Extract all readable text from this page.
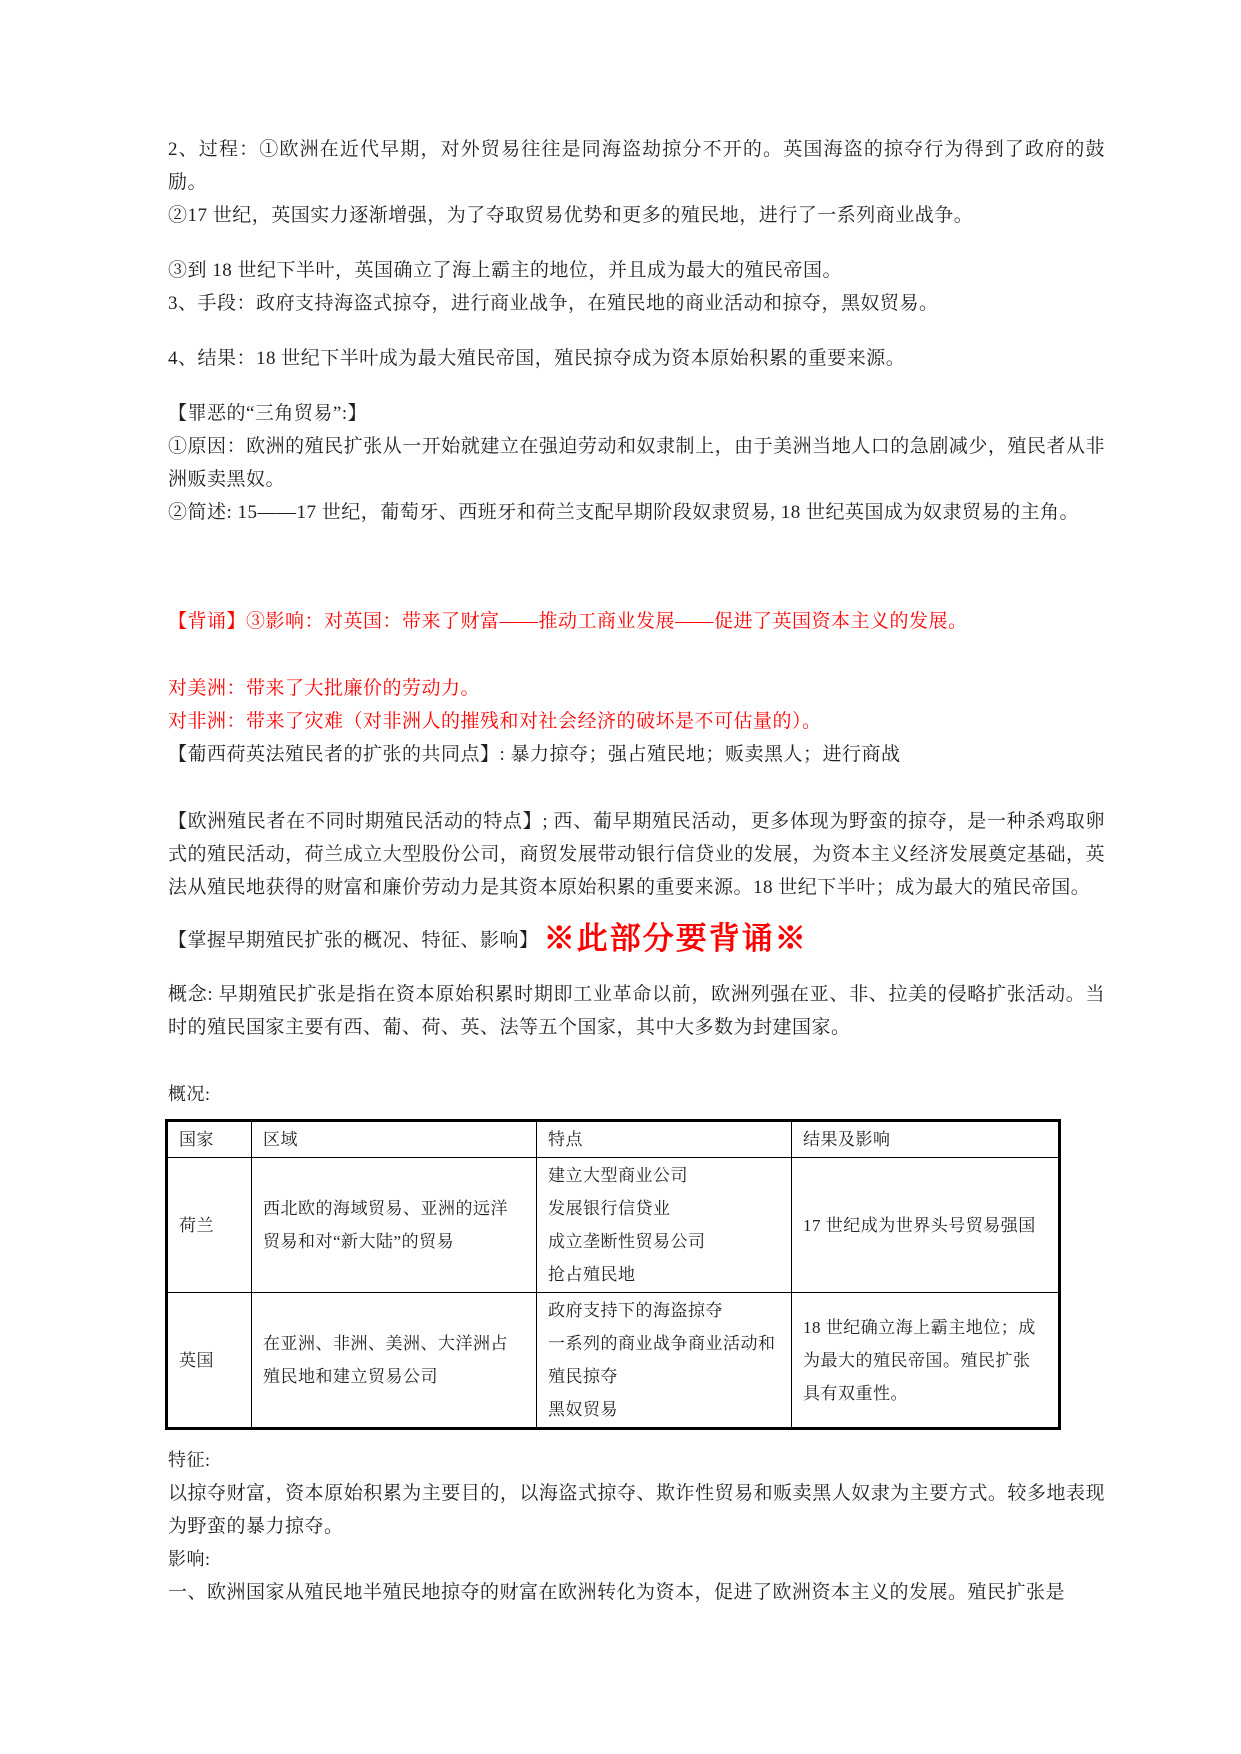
2、过程：①欧洲在近代早期，对外贸易往往是同海盗劫掠分不开的。英国海盗的掠夺行为得到了政府的鼓励。

②17 世纪，英国实力逐渐增强，为了夺取贸易优势和更多的殖民地，进行了一系列商业战争。

③到 18 世纪下半叶，英国确立了海上霸主的地位，并且成为最大的殖民帝国。

3、手段：政府支持海盗式掠夺，进行商业战争，在殖民地的商业活动和掠夺，黑奴贸易。

4、结果：18 世纪下半叶成为最大殖民帝国，殖民掠夺成为资本原始积累的重要来源。

【罪恶的“三角贸易”:】

①原因：欧洲的殖民扩张从一开始就建立在强迫劳动和奴隶制上，由于美洲当地人口的急剧减少，殖民者从非洲贩卖黑奴。

②简述: 15——17 世纪，葡萄牙、西班牙和荷兰支配早期阶段奴隶贸易, 18 世纪英国成为奴隶贸易的主角。

【背诵】③影响：对英国：带来了财富——推动工商业发展——促进了英国资本主义的发展。

对美洲：带来了大批廉价的劳动力。

对非洲：带来了灾难（对非洲人的摧残和对社会经济的破坏是不可估量的）。

【葡西荷英法殖民者的扩张的共同点】: 暴力掠夺；强占殖民地；贩卖黑人；进行商战

【欧洲殖民者在不同时期殖民活动的特点】; 西、葡早期殖民活动，更多体现为野蛮的掠夺，是一种杀鸡取卵式的殖民活动，荷兰成立大型股份公司，商贸发展带动银行信贷业的发展，为资本主义经济发展奠定基础，英法从殖民地获得的财富和廉价劳动力是其资本原始积累的重要来源。18 世纪下半叶；成为最大的殖民帝国。

【掌握早期殖民扩张的概况、特征、影响】 ※此部分要背诵※

概念: 早期殖民扩张是指在资本原始积累时期即工业革命以前，欧洲列强在亚、非、拉美的侵略扩张活动。当时的殖民国家主要有西、葡、荷、英、法等五个国家，其中大多数为封建国家。

概况:

国家	区域	特点	结果及影响
荷兰	西北欧的海域贸易、亚洲的远洋贸易和对“新大陆”的贸易	建立大型商业公司
发展银行信贷业
成立垄断性贸易公司
抢占殖民地	17 世纪成为世界头号贸易强国
英国	在亚洲、非洲、美洲、大洋洲占殖民地和建立贸易公司	政府支持下的海盗掠夺
一系列的商业战争商业活动和殖民掠夺
黑奴贸易	18 世纪确立海上霸主地位；成为最大的殖民帝国。殖民扩张具有双重性。

特征:

以掠夺财富，资本原始积累为主要目的，以海盗式掠夺、欺诈性贸易和贩卖黑人奴隶为主要方式。较多地表现为野蛮的暴力掠夺。

影响:

一、欧洲国家从殖民地半殖民地掠夺的财富在欧洲转化为资本，促进了欧洲资本主义的发展。殖民扩张是
